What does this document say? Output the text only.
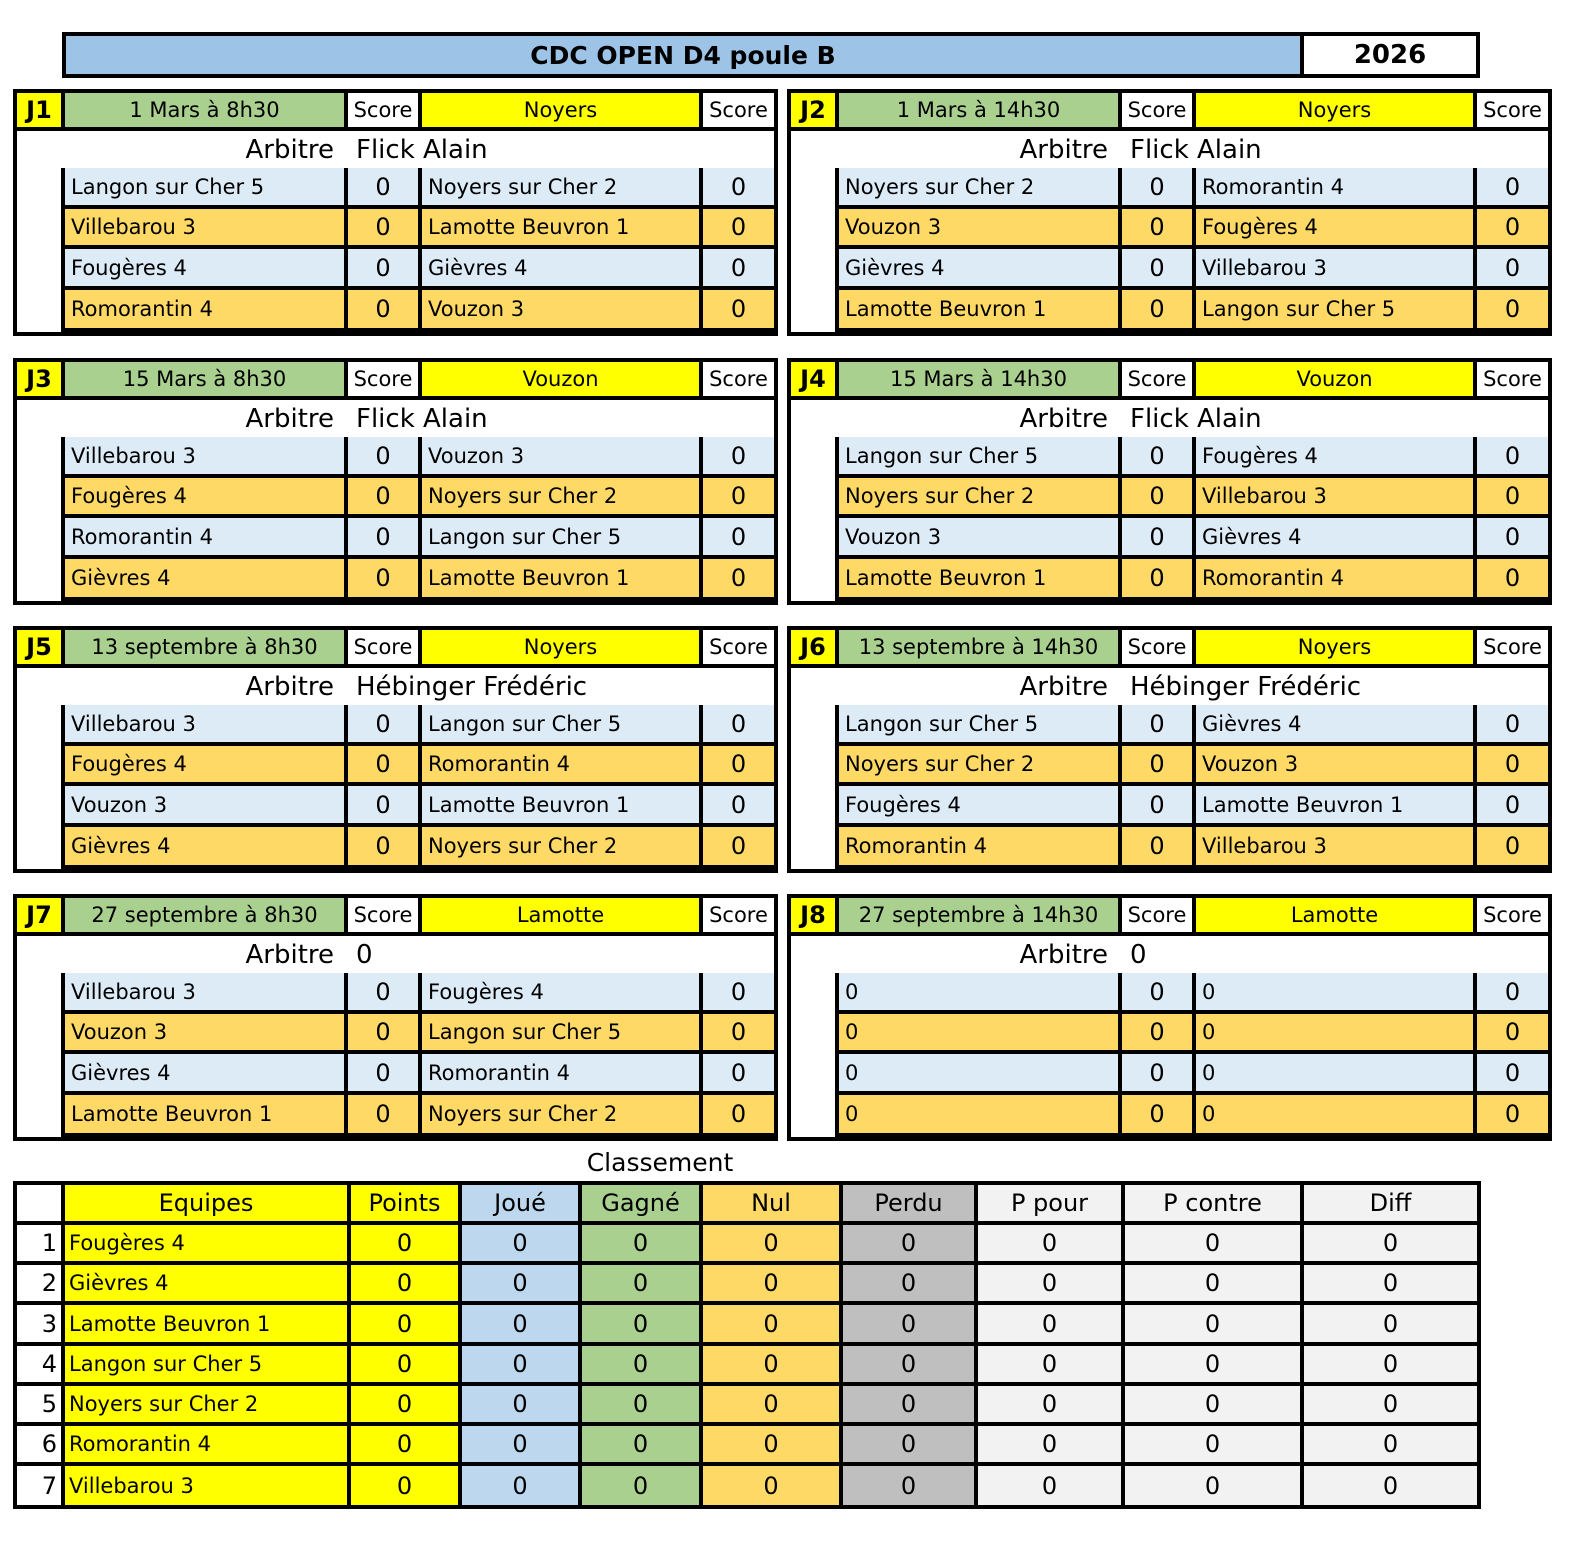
CDC OPEN D4 poule B	2026
J1	1 Mars à 8h30	Score	Noyers	Score
Arbitre Flick Alain
Langon sur Cher 5	0	Noyers sur Cher 2	0
Villebarou 3	0	Lamotte Beuvron 1	0
Fougères 4	0	Gièvres 4	0
Romorantin 4	0	Vouzon 3	0
J2	1 Mars à 14h30	Score	Noyers	Score
Arbitre Flick Alain
Noyers sur Cher 2	0	Romorantin 4	0
Vouzon 3	0	Fougères 4	0
Gièvres 4	0	Villebarou 3	0
Lamotte Beuvron 1	0	Langon sur Cher 5	0
J3	15 Mars à 8h30	Score	Vouzon	Score
Arbitre Flick Alain
Villebarou 3	0	Vouzon 3	0
Fougères 4	0	Noyers sur Cher 2	0
Romorantin 4	0	Langon sur Cher 5	0
Gièvres 4	0	Lamotte Beuvron 1	0
J4	15 Mars à 14h30	Score	Vouzon	Score
Arbitre Flick Alain
Langon sur Cher 5	0	Fougères 4	0
Noyers sur Cher 2	0	Villebarou 3	0
Vouzon 3	0	Gièvres 4	0
Lamotte Beuvron 1	0	Romorantin 4	0
J5	13 septembre à 8h30	Score	Noyers	Score
Arbitre Hébinger Frédéric
Villebarou 3	0	Langon sur Cher 5	0
Fougères 4	0	Romorantin 4	0
Vouzon 3	0	Lamotte Beuvron 1	0
Gièvres 4	0	Noyers sur Cher 2	0
J6	13 septembre à 14h30	Score	Noyers	Score
Arbitre Hébinger Frédéric
Langon sur Cher 5	0	Gièvres 4	0
Noyers sur Cher 2	0	Vouzon 3	0
Fougères 4	0	Lamotte Beuvron 1	0
Romorantin 4	0	Villebarou 3	0
J7	27 septembre à 8h30	Score	Lamotte	Score
Arbitre 0
Villebarou 3	0	Fougères 4	0
Vouzon 3	0	Langon sur Cher 5	0
Gièvres 4	0	Romorantin 4	0
Lamotte Beuvron 1	0	Noyers sur Cher 2	0
J8	27 septembre à 14h30	Score	Lamotte	Score
Arbitre 0
0	0	0	0
0	0	0	0
0	0	0	0
0	0	0	0
Classement
Equipes	Points	Joué	Gagné	Nul	Perdu	P pour	P contre	Diff
1 Fougères 4	0	0	0	0	0	0	0	0
2 Gièvres 4	0	0	0	0	0	0	0	0
3 Lamotte Beuvron 1	0	0	0	0	0	0	0	0
4 Langon sur Cher 5	0	0	0	0	0	0	0	0
5 Noyers sur Cher 2	0	0	0	0	0	0	0	0
6 Romorantin 4	0	0	0	0	0	0	0	0
7 Villebarou 3	0	0	0	0	0	0	0	0
